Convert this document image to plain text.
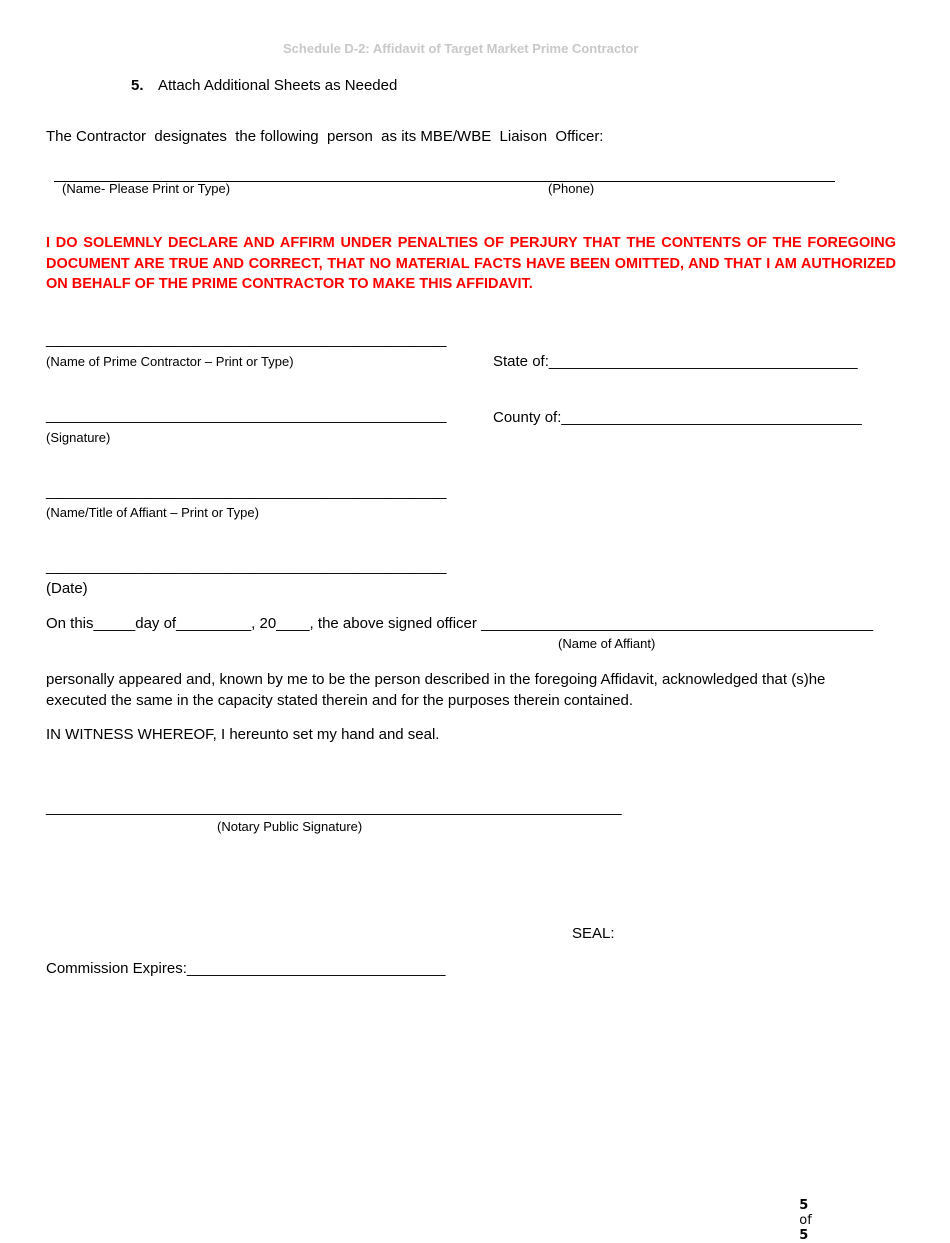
Schedule D-2: Affidavit of Target Market Prime Contractor
5. Attach Additional Sheets as Needed
The Contractor  designates  the following  person  as its MBE/WBE  Liaison  Officer:
(Name- Please Print or Type)	(Phone)
I DO SOLEMNLY DECLARE AND AFFIRM UNDER PENALTIES OF PERJURY THAT THE CONTENTS OF THE FOREGOING DOCUMENT ARE TRUE AND CORRECT, THAT NO MATERIAL FACTS HAVE BEEN OMITTED, AND THAT I AM AUTHORIZED ON BEHALF OF THE PRIME CONTRACTOR TO MAKE THIS AFFIDAVIT.
________________________________________________
(Name of Prime Contractor – Print or Type)	State of:_____________________________________
________________________________________________	County of:____________________________________
(Signature)
________________________________________________
(Name/Title of Affiant – Print or Type)
________________________________________________
(Date)
On this_____day of_________, 20____, the above signed officer _______________________________________________
(Name of Affiant)
personally appeared and, known by me to be the person described in the foregoing Affidavit, acknowledged that (s)he executed the same in the capacity stated therein and for the purposes therein contained.
IN WITNESS WHEREOF, I hereunto set my hand and seal.
_____________________________________________________________________
(Notary Public Signature)
SEAL:
Commission Expires:_______________________________

5
of
5
